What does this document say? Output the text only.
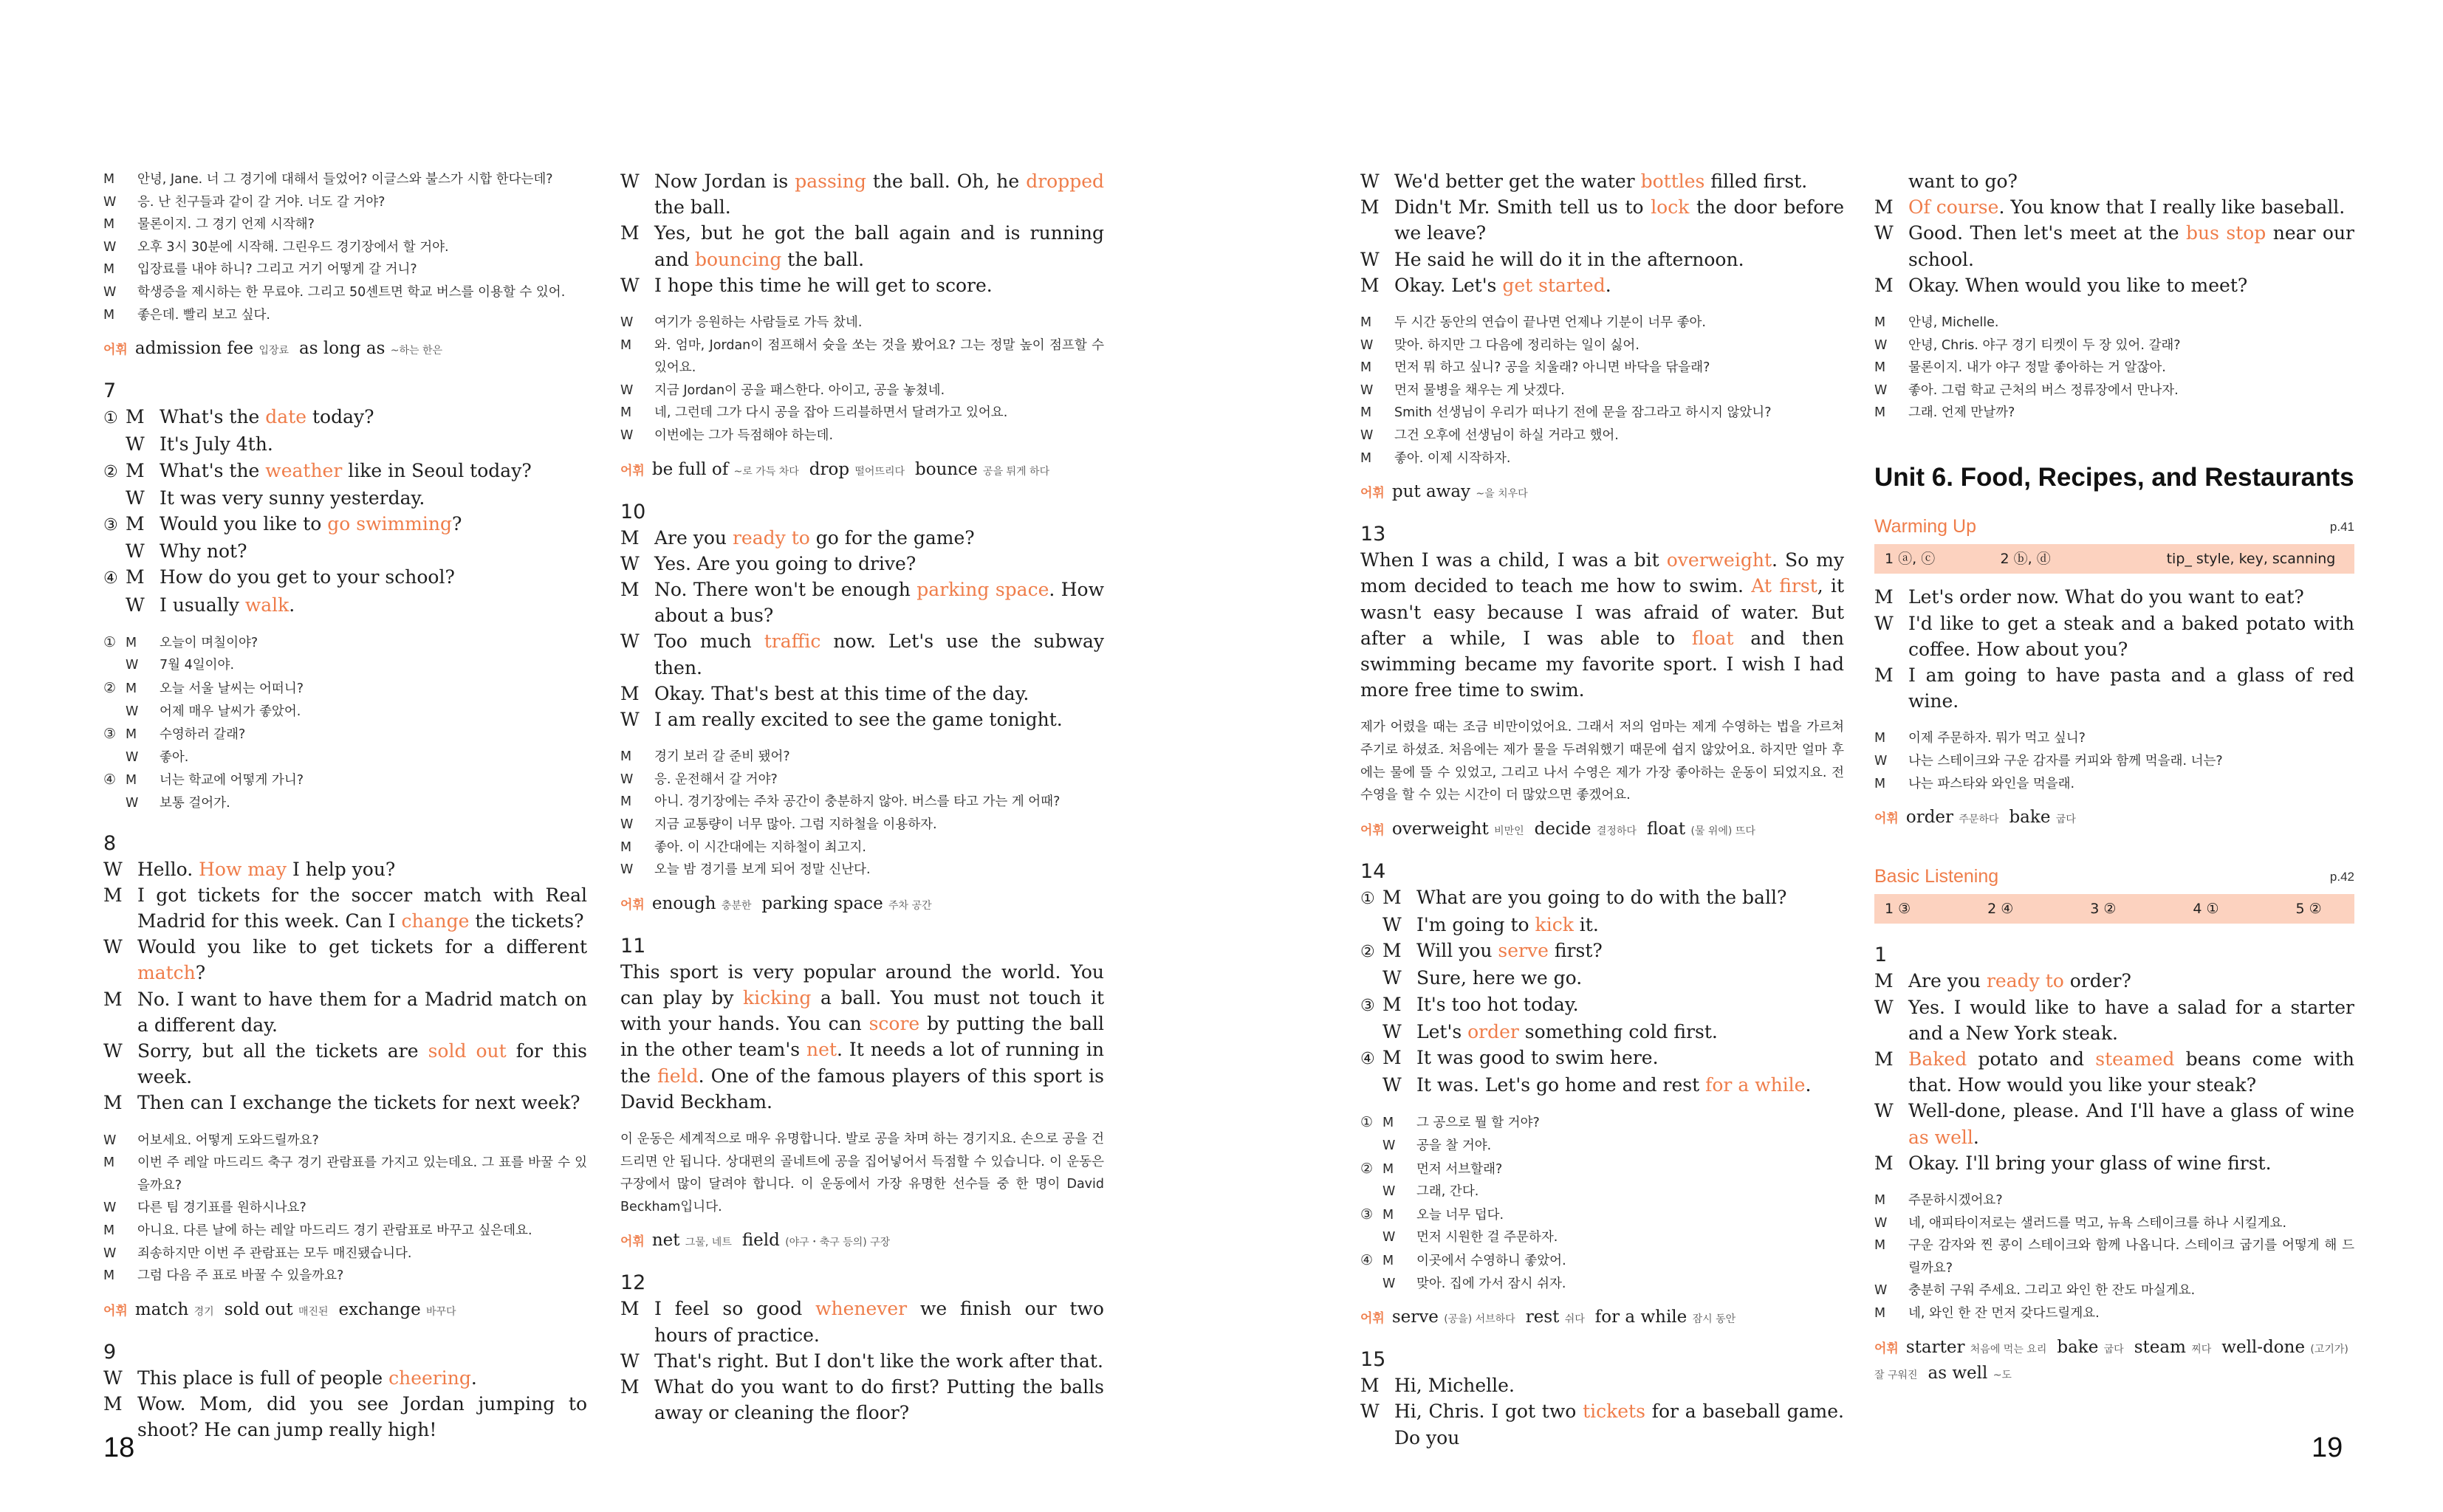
M	안녕, Jane. 너 그 경기에 대해서 들었어? 이글스와 불스가 시합 한다는데?
W	응. 난 친구들과 같이 갈 거야. 너도 갈 거야?
M	물론이지. 그 경기 언제 시작해?
W	오후 3시 30분에 시작해. 그린우드 경기장에서 할 거야.
M	입장료를 내야 하니? 그리고 거기 어떻게 갈 거니?
W	학생증을 제시하는 한 무료야. 그리고 50센트면 학교 버스를 이용할 수 있어.
M	좋은데. 빨리 보고 싶다.
어휘 admission fee 입장료 as long as ~하는 한은
7
① M What's the date today?
W It's July 4th.
② M What's the weather like in Seoul today?
W It was very sunny yesterday.
③ M Would you like to go swimming?
W Why not?
④ M How do you get to your school?
W I usually walk.
① M	오늘이 며칠이야?
W	7월 4일이야.
② M	오늘 서울 날씨는 어떠니?
W	어제 매우 날씨가 좋았어.
③ M	수영하러 갈래?
W	좋아.
④ M	너는 학교에 어떻게 가니?
W	보통 걸어가.
8
W Hello. How may I help you?
M I got tickets for the soccer match with Real Madrid for this week. Can I change the tickets?
W Would you like to get tickets for a different match?
M No. I want to have them for a Madrid match on a different day.
W Sorry, but all the tickets are sold out for this week.
M Then can I exchange the tickets for next week?
W	어보세요. 어떻게 도와드릴까요?
M	이번 주 레알 마드리드 축구 경기 관람표를 가지고 있는데요. 그 표를 바꿀 수 있을까요?
W	다른 팀 경기표를 원하시나요?
M	아니요. 다른 날에 하는 레알 마드리드 경기 관람표로 바꾸고 싶은데요.
W	죄송하지만 이번 주 관람표는 모두 매진됐습니다.
M	그럼 다음 주 표로 바꿀 수 있을까요?
어휘 match 경기 sold out 매진된 exchange 바꾸다
9
W This place is full of people cheering.
M Wow. Mom, did you see Jordan jumping to shoot? He can jump really high!
W Now Jordan is passing the ball. Oh, he dropped the ball.
M Yes, but he got the ball again and is running and bouncing the ball.
W I hope this time he will get to score.
W	여기가 응원하는 사람들로 가득 찼네.
M	와. 엄마, Jordan이 점프해서 슛을 쏘는 것을 봤어요? 그는 정말 높이 점프할 수 있어요.
W	지금 Jordan이 공을 패스한다. 아이고, 공을 놓쳤네.
M	네, 그런데 그가 다시 공을 잡아 드리블하면서 달려가고 있어요.
W	이번에는 그가 득점해야 하는데.
어휘 be full of ~로 가득 차다 drop 떨어뜨리다 bounce 공을 튀게 하다
10
M Are you ready to go for the game?
W Yes. Are you going to drive?
M No. There won't be enough parking space. How about a bus?
W Too much traffic now. Let's use the subway then.
M Okay. That's best at this time of the day.
W I am really excited to see the game tonight.
M	경기 보러 갈 준비 됐어?
W	응. 운전해서 갈 거야?
M	아니. 경기장에는 주차 공간이 충분하지 않아. 버스를 타고 가는 게 어때?
W	지금 교통량이 너무 많아. 그럼 지하철을 이용하자.
M	좋아. 이 시간대에는 지하철이 최고지.
W	오늘 밤 경기를 보게 되어 정말 신난다.
어휘 enough 충분한 parking space 주차 공간
11
This sport is very popular around the world. You can play by kicking a ball. You must not touch it with your hands. You can score by putting the ball in the other team's net. It needs a lot of running in the field. One of the famous players of this sport is David Beckham.
이 운동은 세계적으로 매우 유명합니다. 발로 공을 차며 하는 경기지요. 손으로 공을 건드리면 안 됩니다. 상대편의 골네트에 공을 집어넣어서 득점할 수 있습니다. 이 운동은 구장에서 많이 달려야 합니다. 이 운동에서 가장 유명한 선수들 중 한 명이 David Beckham입니다.
어휘 net 그물, 네트 field (야구・축구 등의) 구장
12
M I feel so good whenever we finish our two hours of practice.
W That's right. But I don't like the work after that.
M What do you want to do first? Putting the balls away or cleaning the floor?
W We'd better get the water bottles filled first.
M Didn't Mr. Smith tell us to lock the door before we leave?
W He said he will do it in the afternoon.
M Okay. Let's get started.
M	두 시간 동안의 연습이 끝나면 언제나 기분이 너무 좋아.
W	맞아. 하지만 그 다음에 정리하는 일이 싫어.
M	먼저 뭐 하고 싶니? 공을 치울래? 아니면 바닥을 닦을래?
W	먼저 물병을 채우는 게 낫겠다.
M	Smith 선생님이 우리가 떠나기 전에 문을 잠그라고 하시지 않았니?
W	그건 오후에 선생님이 하실 거라고 했어.
M	좋아. 이제 시작하자.
어휘 put away ~을 치우다
13
When I was a child, I was a bit overweight. So my mom decided to teach me how to swim. At first, it wasn't easy because I was afraid of water. But after a while, I was able to float and then swimming became my favorite sport. I wish I had more free time to swim.
제가 어렸을 때는 조금 비만이었어요. 그래서 저의 엄마는 제게 수영하는 법을 가르쳐주기로 하셨죠. 처음에는 제가 물을 두려워했기 때문에 쉽지 않았어요. 하지만 얼마 후에는 물에 뜰 수 있었고, 그리고 나서 수영은 제가 가장 좋아하는 운동이 되었지요. 전 수영을 할 수 있는 시간이 더 많았으면 좋겠어요.
어휘 overweight 비만인 decide 결정하다 float (물 위에) 뜨다
14
① M What are you going to do with the ball?
W I'm going to kick it.
② M Will you serve first?
W Sure, here we go.
③ M It's too hot today.
W Let's order something cold first.
④ M It was good to swim here.
W It was. Let's go home and rest for a while.
① M	그 공으로 뭘 할 거야?
W	공을 찰 거야.
② M	먼저 서브할래?
W	그래, 간다.
③ M	오늘 너무 덥다.
W	먼저 시원한 걸 주문하자.
④ M	이곳에서 수영하니 좋았어.
W	맞아. 집에 가서 잠시 쉬자.
어휘 serve (공을) 서브하다 rest 쉬다 for a while 잠시 동안
15
M Hi, Michelle.
W Hi, Chris. I got two tickets for a baseball game. Do you
want to go?
M Of course. You know that I really like baseball.
W Good. Then let's meet at the bus stop near our school.
M Okay. When would you like to meet?
M	안녕, Michelle.
W	안녕, Chris. 야구 경기 티켓이 두 장 있어. 갈래?
M	물론이지. 내가 야구 정말 좋아하는 거 알잖아.
W	좋아. 그럼 학교 근처의 버스 정류장에서 만나자.
M	그래. 언제 만날까?
Unit 6. Food, Recipes, and Restaurants
Warming Up	p.41
1 ⓐ, ⓒ	2 ⓑ, ⓓ	tip_ style, key, scanning
M Let's order now. What do you want to eat?
W I'd like to get a steak and a baked potato with coffee. How about you?
M I am going to have pasta and a glass of red wine.
M	이제 주문하자. 뭐가 먹고 싶니?
W	나는 스테이크와 구운 감자를 커피와 함께 먹을래. 너는?
M	나는 파스타와 와인을 먹을래.
어휘 order 주문하다 bake 굽다
Basic Listening	p.42
1 ③	2 ④	3 ②	4 ①	5 ②
1
M Are you ready to order?
W Yes. I would like to have a salad for a starter and a New York steak.
M Baked potato and steamed beans come with that. How would you like your steak?
W Well-done, please. And I'll have a glass of wine as well.
M Okay. I'll bring your glass of wine first.
M	주문하시겠어요?
W	네, 애피타이저로는 샐러드를 먹고, 뉴욕 스테이크를 하나 시킬게요.
M	구운 감자와 찐 콩이 스테이크와 함께 나옵니다. 스테이크 굽기를 어떻게 해 드릴까요?
W	충분히 구워 주세요. 그리고 와인 한 잔도 마실게요.
M	네, 와인 한 잔 먼저 갖다드릴게요.
어휘 starter 처음에 먹는 요리 bake 굽다 steam 찌다 well-done (고기가) 잘 구워진 as well ~도
18	19
